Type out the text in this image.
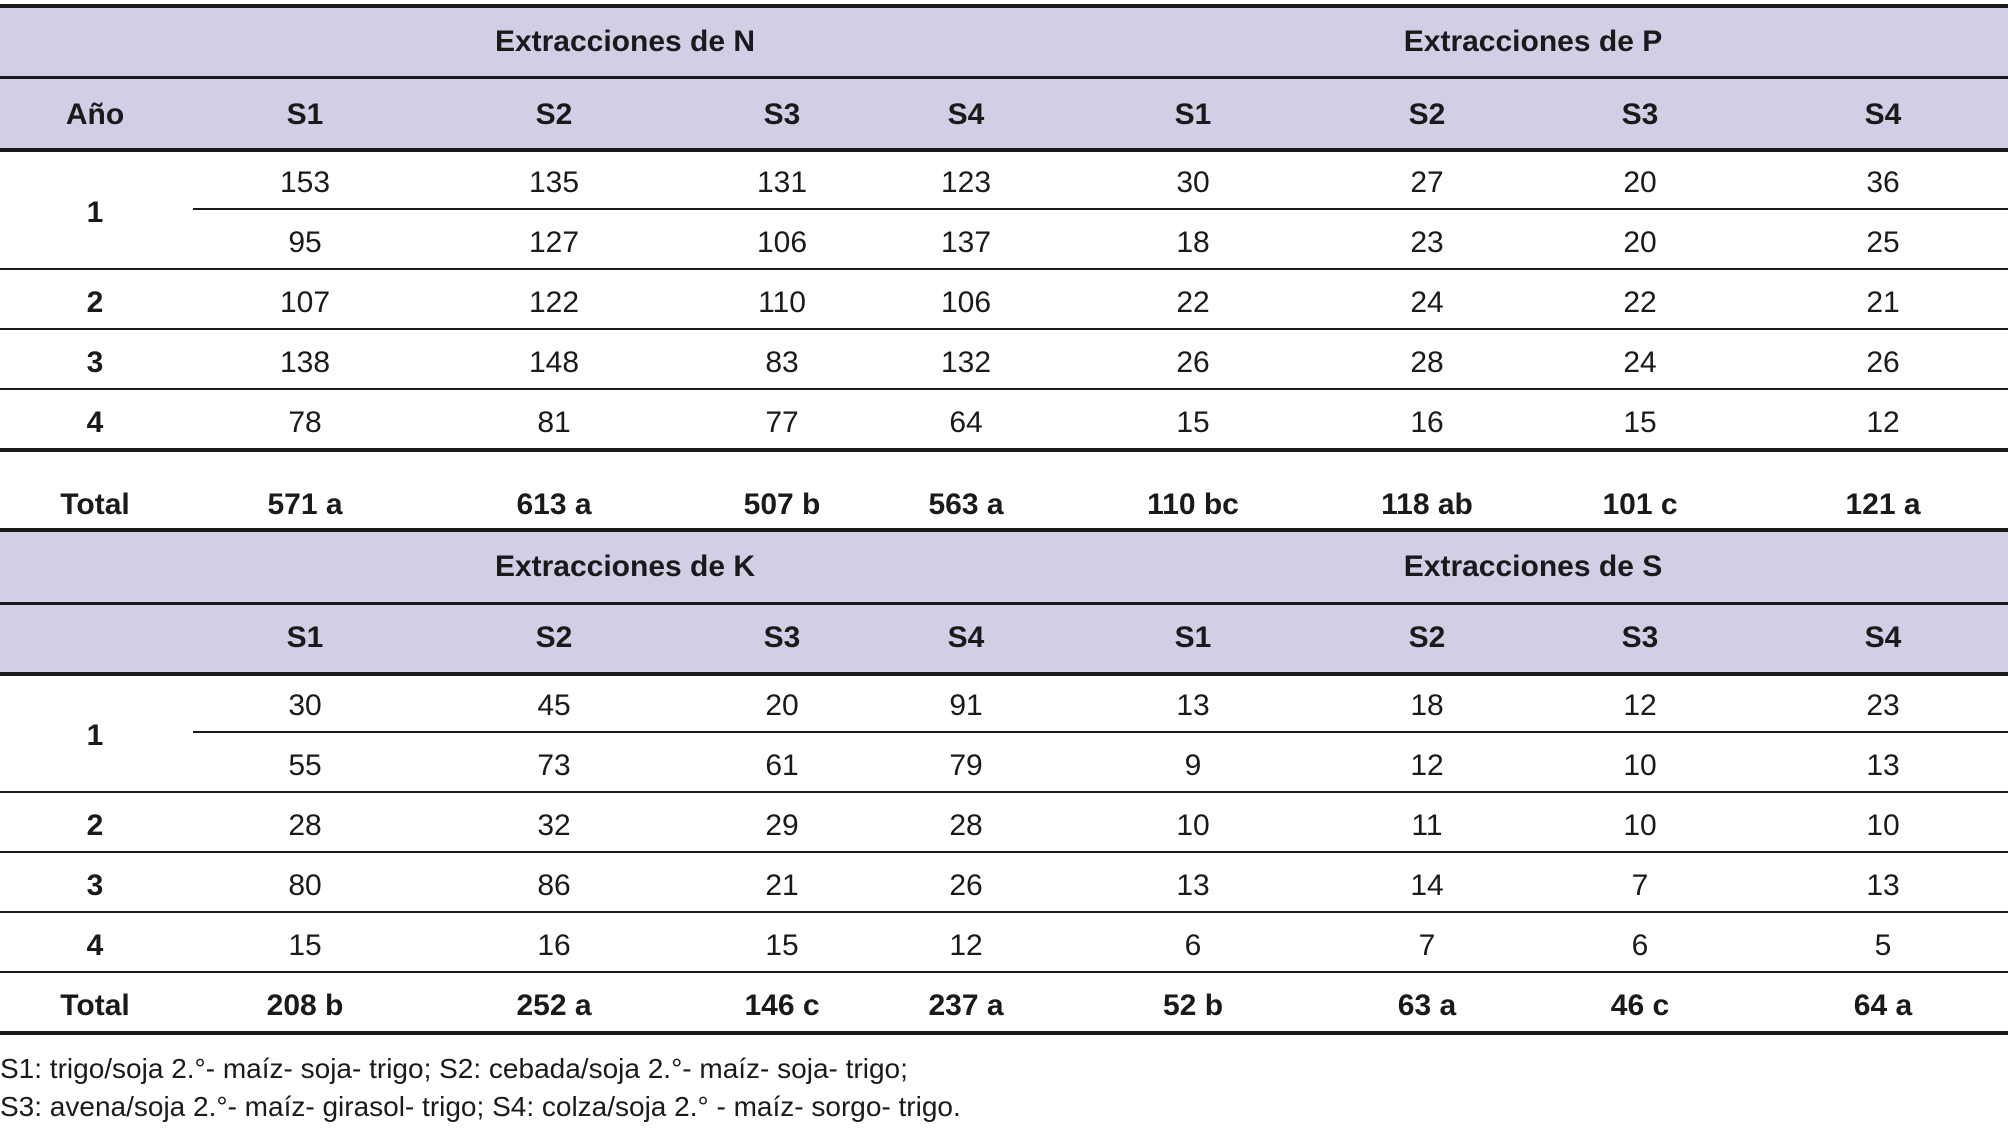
Extracciones de N	Extracciones de P
Año	S1	S2	S3	S4	S1	S2	S3	S4
1
153	135	131	123	30	27	20	36
95	127	106	137	18	23	20	25
2	107	122	110	106	22	24	22	21
3	138	148	83	132	26	28	24	26
4	78	81	77	64	15	16	15	12
Total	571 a	613 a	507 b	563 a	110 bc	118 ab	101 c	121 a
Extracciones de K	Extracciones de S
S1	S2	S3	S4	S1	S2	S3	S4
1
30	45	20	91	13	18	12	23
55	73	61	79	9	12	10	13
2	28	32	29	28	10	11	10	10
3	80	86	21	26	13	14	7	13
4	15	16	15	12	6	7	6	5
Total	208 b	252 a	146 c	237 a	52 b	63 a	46 c	64 a
S1: trigo/soja 2.°- maíz- soja- trigo; S2: cebada/soja 2.°- maíz- soja- trigo;
S3: avena/soja 2.°- maíz- girasol- trigo; S4: colza/soja 2.° - maíz- sorgo- trigo.
